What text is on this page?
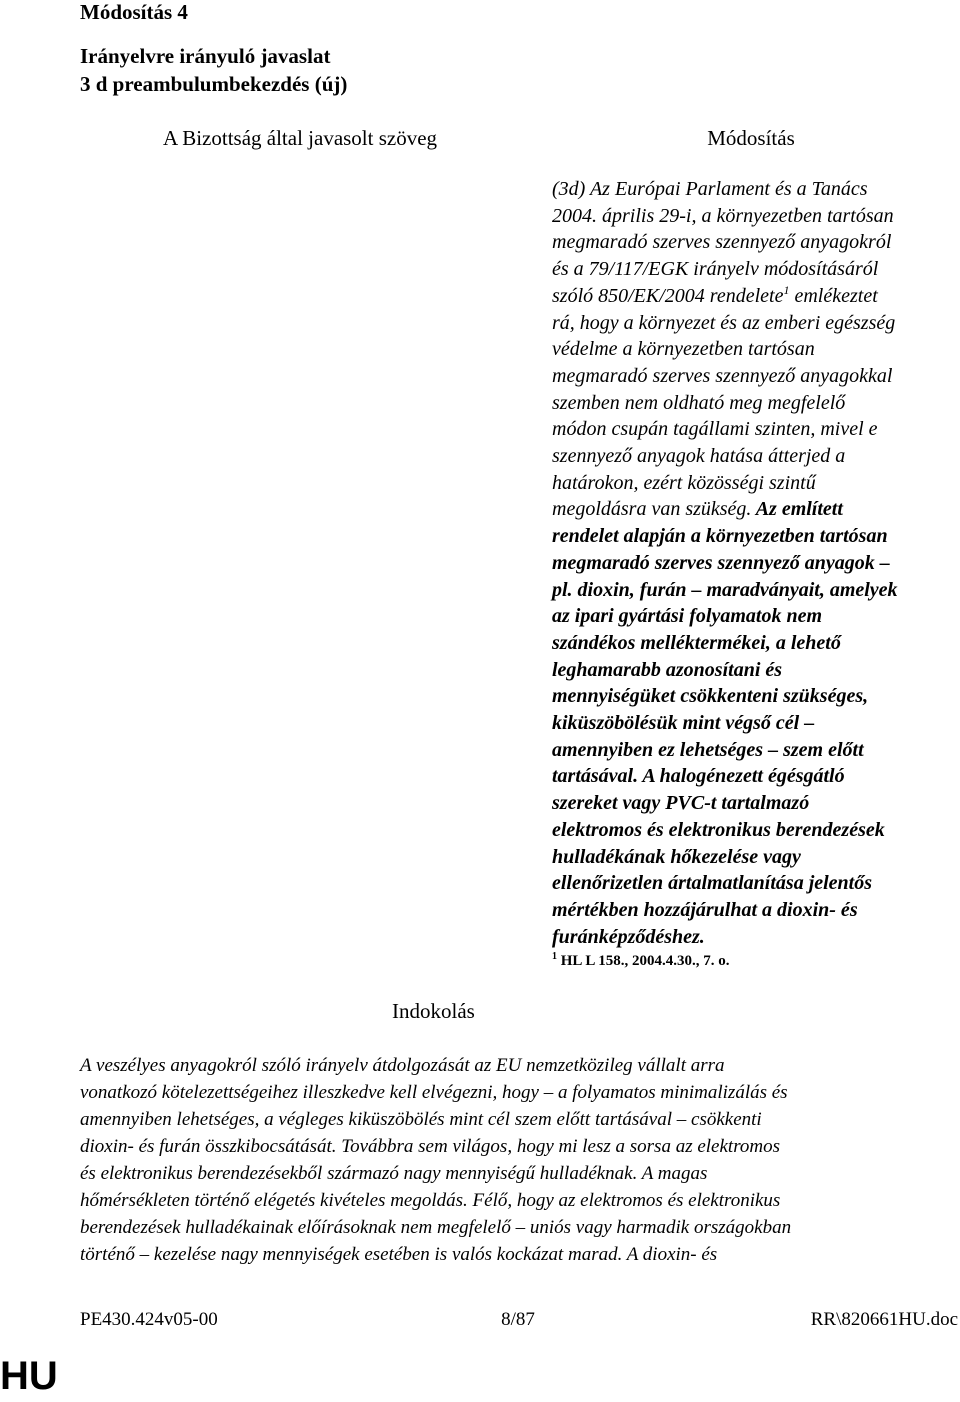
Módosítás 4
Irányelvre irányuló javaslat
3 d preambulumbekezdés (új)
A Bizottság által javasolt szöveg	Módosítás
(3d) Az Európai Parlament és a Tanács
2004. április 29-i, a környezetben tartósan
megmaradó szerves szennyező anyagokról
és a 79/117/EGK irányelv módosításáról
szóló 850/EK/2004 rendelete$^1$ emlékeztet
rá, hogy a környezet és az emberi egészség
védelme a környezetben tartósan
megmaradó szerves szennyező anyagokkal
szemben nem oldható meg megfelelő
módon csupán tagállami szinten, mivel e
szennyező anyagok hatása átterjed a
határokon, ezért közösségi szintű
megoldásra van szükség. Az említett
rendelet alapján a környezetben tartósan
megmaradó szerves szennyező anyagok –
pl. dioxin, furán – maradványait, amelyek
az ipari gyártási folyamatok nem
szándékos melléktermékei, a lehető
leghamarabb azonosítani és
mennyiségüket csökkenteni szükséges,
kiküszöbölésük mint végső cél –
amennyiben ez lehetséges – szem előtt
tartásával. A halogénezett égésgátló
szereket vagy PVC-t tartalmazó
elektromos és elektronikus berendezések
hulladékának hőkezelése vagy
ellenőrizetlen ártalmatlanítása jelentős
mértékben hozzájárulhat a dioxin- és
furánképződéshez.
$^1$ HL L 158., 2004.4.30., 7. o.
Indokolás
A veszélyes anyagokról szóló irányelv átdolgozását az EU nemzetközileg vállalt arra
vonatkozó kötelezettségeihez illeszkedve kell elvégezni, hogy – a folyamatos minimalizálás és
amennyiben lehetséges, a végleges kiküszöbölés mint cél szem előtt tartásával – csökkenti
dioxin- és furán összkibocsátását. Továbbra sem világos, hogy mi lesz a sorsa az elektromos
és elektronikus berendezésekből származó nagy mennyiségű hulladéknak. A magas
hőmérsékleten történő elégetés kivételes megoldás. Félő, hogy az elektromos és elektronikus
berendezések hulladékainak előírásoknak nem megfelelő – uniós vagy harmadik országokban
történő – kezelése nagy mennyiségek esetében is valós kockázat marad. A dioxin- és
PE430.424v05-00	8/87	RR\820661HU.doc
HU
